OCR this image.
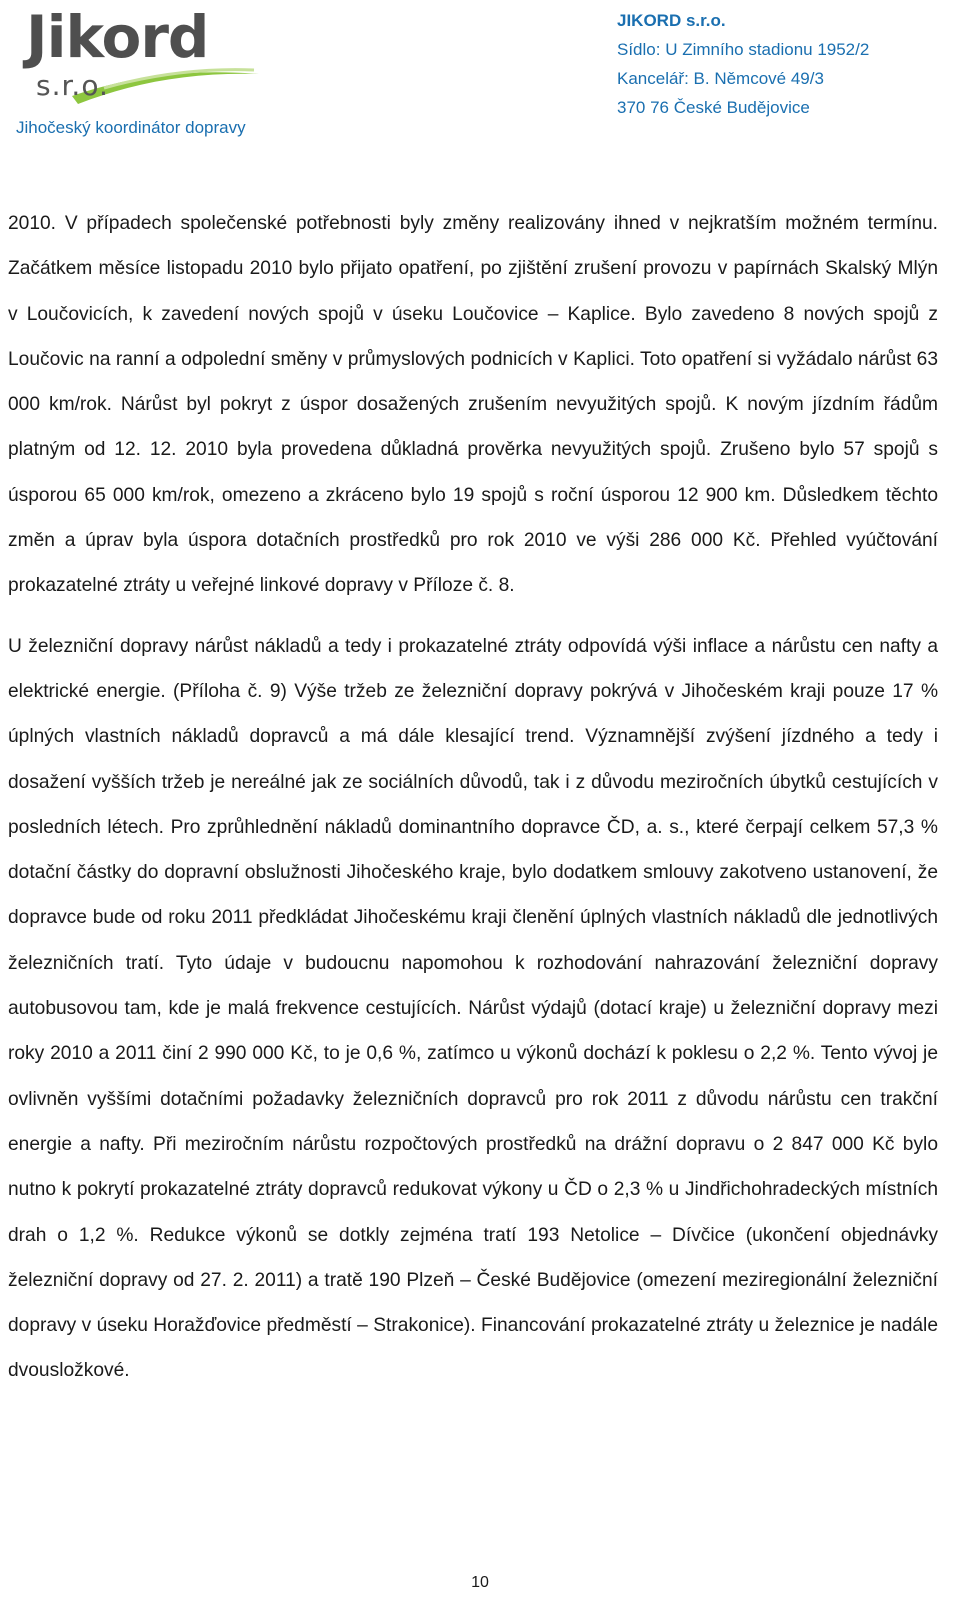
Jikord
s.r.o.
Jihočeský koordinátor dopravy
JIKORD s.r.o.
Sídlo: U Zimního stadionu 1952/2
Kancelář: B. Němcové 49/3
370 76 České Budějovice

2010. V případech společenské potřebnosti byly změny realizovány ihned v nejkratším možném termínu. Začátkem měsíce listopadu 2010 bylo přijato opatření, po zjištění zrušení provozu v papírnách Skalský Mlýn v Loučovicích, k zavedení nových spojů v úseku Loučovice – Kaplice. Bylo zavedeno 8 nových spojů z Loučovic na ranní a odpolední směny v průmyslových podnicích v Kaplici. Toto opatření si vyžádalo nárůst 63 000 km/rok. Nárůst byl pokryt z úspor dosažených zrušením nevyužitých spojů. K novým jízdním řádům platným od 12. 12. 2010 byla provedena důkladná prověrka nevyužitých spojů. Zrušeno bylo 57 spojů s úsporou 65 000 km/rok, omezeno a zkráceno bylo 19 spojů s roční úsporou 12 900 km. Důsledkem těchto změn a úprav byla úspora dotačních prostředků pro rok 2010 ve výši 286 000 Kč. Přehled vyúčtování prokazatelné ztráty u veřejné linkové dopravy v Příloze č. 8.

U železniční dopravy nárůst nákladů a tedy i prokazatelné ztráty odpovídá výši inflace a nárůstu cen nafty a elektrické energie. (Příloha č. 9) Výše tržeb ze železniční dopravy pokrývá v Jihočeském kraji pouze 17 % úplných vlastních nákladů dopravců a má dále klesající trend. Významnější zvýšení jízdného a tedy i dosažení vyšších tržeb je nereálné jak ze sociálních důvodů, tak i z důvodu meziročních úbytků cestujících v posledních létech. Pro zprůhlednění nákladů dominantního dopravce ČD, a. s., které čerpají celkem 57,3 % dotační částky do dopravní obslužnosti Jihočeského kraje, bylo dodatkem smlouvy zakotveno ustanovení, že dopravce bude od roku 2011 předkládat Jihočeskému kraji členění úplných vlastních nákladů dle jednotlivých železničních tratí. Tyto údaje v budoucnu napomohou k rozhodování nahrazování železniční dopravy autobusovou tam, kde je malá frekvence cestujících. Nárůst výdajů (dotací kraje) u železniční dopravy mezi roky 2010 a 2011 činí 2 990 000 Kč, to je 0,6 %, zatímco u výkonů dochází k poklesu o 2,2 %. Tento vývoj je ovlivněn vyššími dotačními požadavky železničních dopravců pro rok 2011 z důvodu nárůstu cen trakční energie a nafty. Při meziročním nárůstu rozpočtových prostředků na drážní dopravu o 2 847 000 Kč bylo nutno k pokrytí prokazatelné ztráty dopravců redukovat výkony u ČD o 2,3 % u Jindřichohradeckých místních drah o 1,2 %. Redukce výkonů se dotkly zejména tratí 193 Netolice – Dívčice (ukončení objednávky železniční dopravy od 27. 2. 2011) a tratě 190 Plzeň – České Budějovice (omezení meziregionální železniční dopravy v úseku Horažďovice předměstí – Strakonice). Financování prokazatelné ztráty u železnice je nadále dvousložkové.

10
